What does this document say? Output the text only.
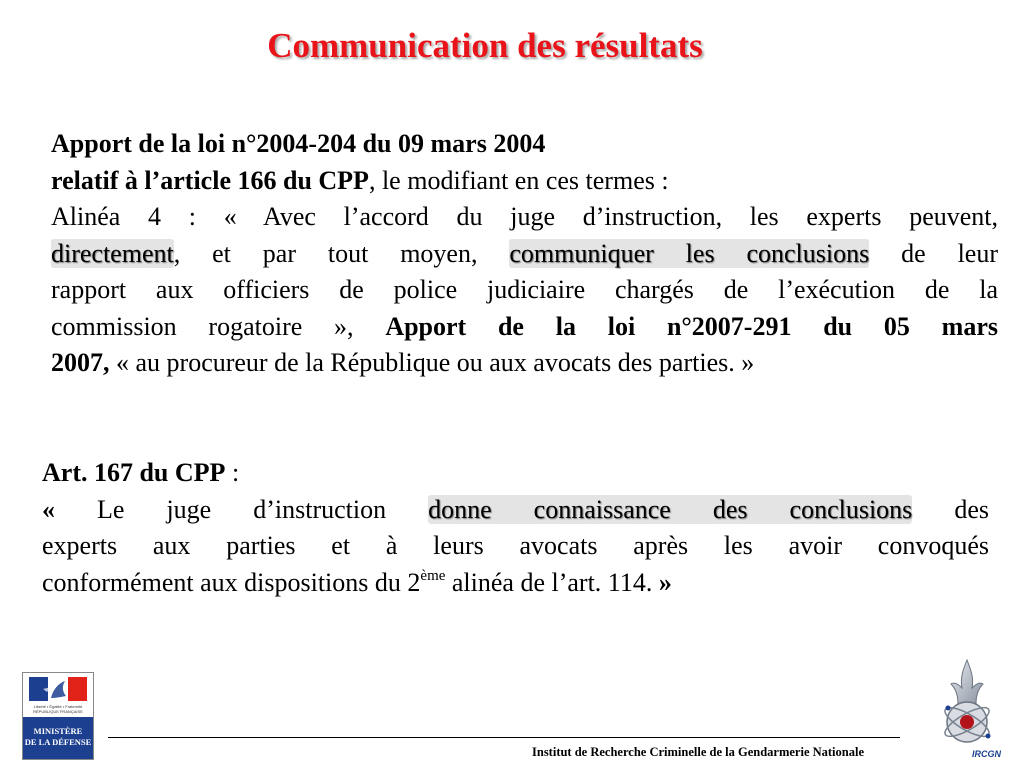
Communication des résultats
Apport de la loi n°2004-204 du 09 mars 2004
relatif à l’article 166 du CPP, le modifiant en ces termes :
Alinéa 4 : « Avec l’accord du juge d’instruction, les experts peuvent,
directement, et par tout moyen, communiquer les conclusions de leur
rapport aux officiers de police judiciaire chargés de l’exécution de la
commission rogatoire », Apport de la loi n°2007-291 du 05 mars
2007, « au procureur de la République ou aux avocats des parties. »
Art. 167 du CPP :
« Le juge d’instruction donne connaissance des conclusions des
experts aux parties et à leurs avocats après les avoir convoqués
conformément aux dispositions du 2ème alinéa de l’art. 114. »
Liberté • Égalité • Fraternité RÉPUBLIQUE FRANÇAISE
MINISTÈRE
DE LA DÉFENSE
Institut de Recherche Criminelle de la Gendarmerie Nationale	IRCGN
